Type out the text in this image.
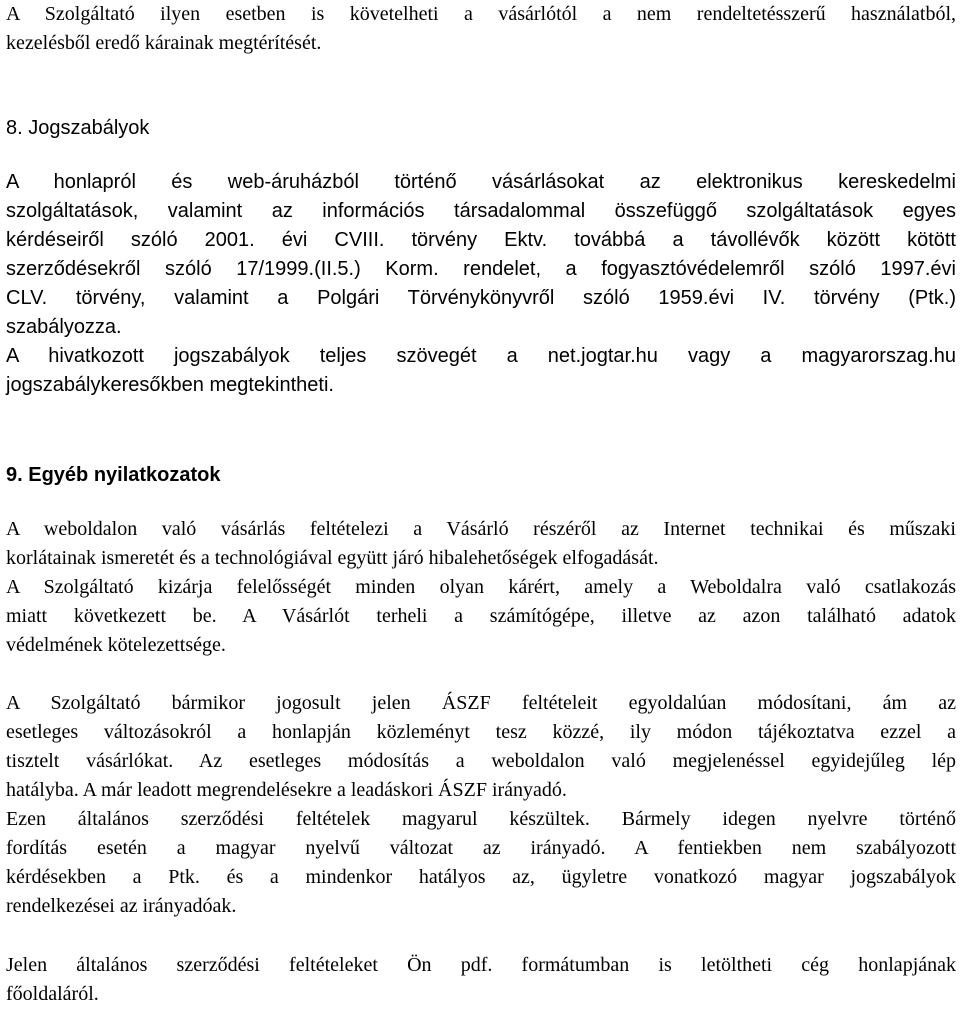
A Szolgáltató ilyen esetben is követelheti a vásárlótól a nem rendeltetésszerű használatból,
kezelésből eredő kárainak megtérítését.
8. Jogszabályok
A honlapról és web-áruházból történő vásárlásokat az elektronikus kereskedelmi
szolgáltatások, valamint az információs társadalommal összefüggő szolgáltatások egyes
kérdéseiről szóló 2001. évi CVIII. törvény Ektv. továbbá a távollévők között kötött
szerződésekről szóló 17/1999.(II.5.) Korm. rendelet, a fogyasztóvédelemről szóló 1997.évi
CLV. törvény, valamint a Polgári Törvénykönyvről szóló 1959.évi IV. törvény (Ptk.)
szabályozza.
A hivatkozott jogszabályok teljes szövegét a net.jogtar.hu vagy a magyarorszag.hu
jogszabálykeresőkben megtekintheti.
9. Egyéb nyilatkozatok
A weboldalon való vásárlás feltételezi a Vásárló részéről az Internet technikai és műszaki
korlátainak ismeretét és a technológiával együtt járó hibalehetőségek elfogadását.
A Szolgáltató kizárja felelősségét minden olyan kárért, amely a Weboldalra való csatlakozás
miatt következett be. A Vásárlót terheli a számítógépe, illetve az azon található adatok
védelmének kötelezettsége.
A Szolgáltató bármikor jogosult jelen ÁSZF feltételeit egyoldalúan módosítani, ám az
esetleges változásokról a honlapján közleményt tesz közzé, ily módon tájékoztatva ezzel a
tisztelt vásárlókat. Az esetleges módosítás a weboldalon való megjelenéssel egyidejűleg lép
hatályba. A már leadott megrendelésekre a leadáskori ÁSZF irányadó.
Ezen általános szerződési feltételek magyarul készültek. Bármely idegen nyelvre történő
fordítás esetén a magyar nyelvű változat az irányadó. A fentiekben nem szabályozott
kérdésekben a Ptk. és a mindenkor hatályos az, ügyletre vonatkozó magyar jogszabályok
rendelkezései az irányadóak.
Jelen általános szerződési feltételeket Ön pdf. formátumban is letöltheti cég honlapjának
főoldaláról.
